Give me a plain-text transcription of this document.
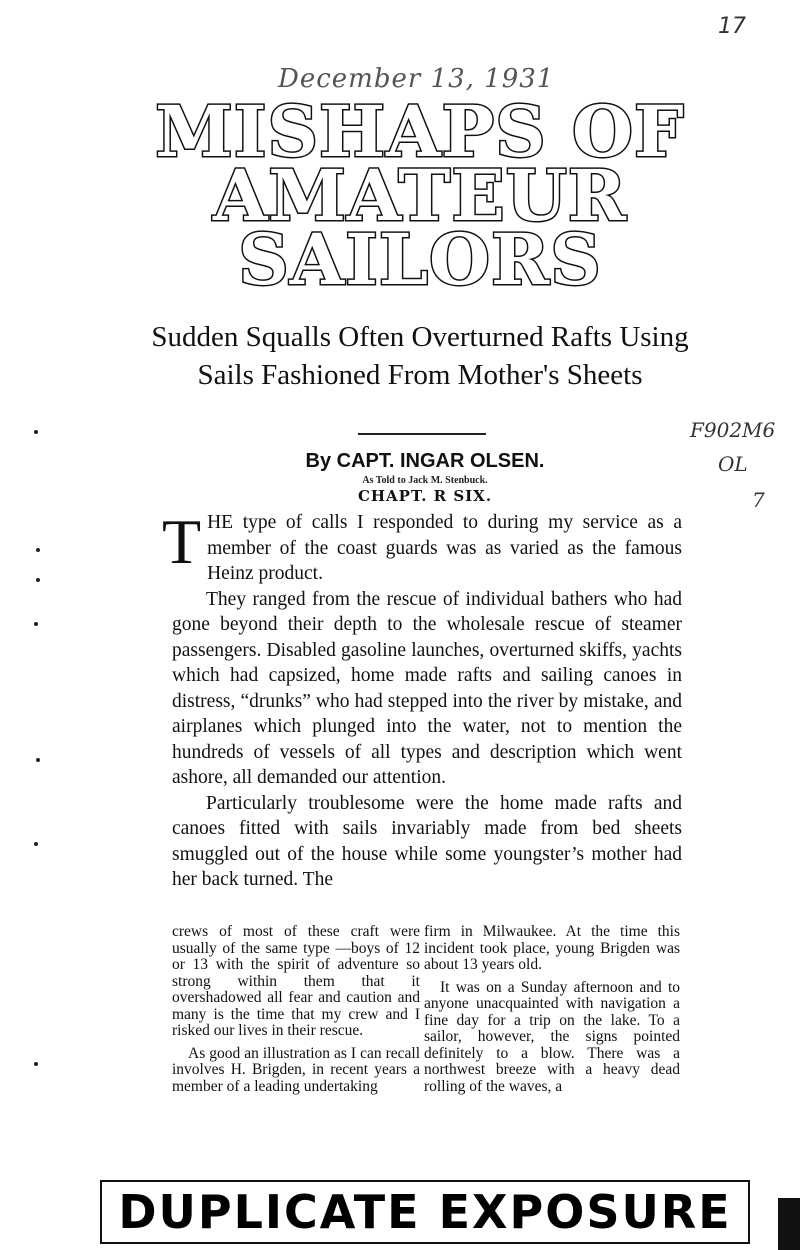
17
December 13, 1931
MISHAPS OF
AMATEUR
SAILORS
Sudden Squalls Often Overturned Rafts Using Sails Fashioned From Mother's Sheets
By CAPT. INGAR OLSEN.
As Told to Jack M. Stenbuck.
CHAPT. R SIX.
F902M6
OL
7

THE type of calls I responded to during my service as a member of the coast guards was as varied as the famous Heinz product.

They ranged from the rescue of individual bathers who had gone beyond their depth to the wholesale rescue of steamer passengers. Disabled gasoline launches, overturned skiffs, yachts which had capsized, home made rafts and sailing canoes in distress, “drunks” who had stepped into the river by mistake, and airplanes which plunged into the water, not to mention the hundreds of vessels of all types and description which went ashore, all demanded our attention.

Particularly troublesome were the home made rafts and canoes fitted with sails invariably made from bed sheets smuggled out of the house while some youngster’s mother had her back turned. The

crews of most of these craft were usually of the same type —boys of 12 or 13 with the spirit of adventure so strong within them that it overshadowed all fear and caution and many is the time that my crew and I risked our lives in their rescue.

As good an illustration as I can recall involves H. Brigden, in recent years a member of a leading undertaking

firm in Milwaukee. At the time this incident took place, young Brigden was about 13 years old.

It was on a Sunday afternoon and to anyone unacquainted with navigation a fine day for a trip on the lake. To a sailor, however, the signs pointed definitely to a blow. There was a northwest breeze with a heavy dead rolling of the waves, a

DUPLICATE EXPOSURE
